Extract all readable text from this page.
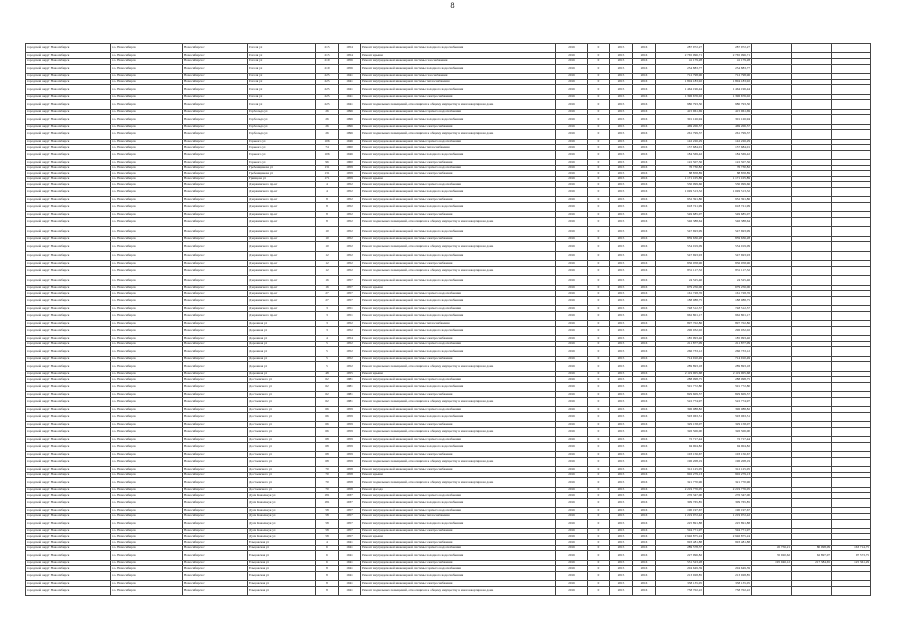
8
городской округ Новосибирск	г.о. Новосибирск	Новосибирск г	Гоголя ул	215	1954	Ремонт внутридомовой инженерной системы холодного водоснабжения	2016	0	2015	2016	287 972,27	287 972,27			
городской округ Новосибирск	г.о. Новосибирск	Новосибирск г	Гоголя ул	215	1954	Ремонт крыши	2016	0	2015	2016	2 765 096,71	2 765 096,71			
городской округ Новосибирск	г.о. Новосибирск	Новосибирск г	Гоголя ул	219	1956	Ремонт внутридомовой инженерной системы газоснабжения	2016	0	2015	2016	41 179,28	41 179,28			
городской округ Новосибирск	г.о. Новосибирск	Новосибирск г	Гоголя ул	219	1956	Ремонт внутридомовой инженерной системы холодного водоснабжения	2016	0	2015	2016	254 883,77	254 883,77			
городской округ Новосибирск	г.о. Новосибирск	Новосибирск г	Гоголя ул	225	1941	Ремонт внутридомовой инженерной системы газоснабжения	2016	0	2015	2016	712 798,96	712 798,96			
городской округ Новосибирск	г.о. Новосибирск	Новосибирск г	Гоголя ул	225	1941	Ремонт внутридомовой инженерной системы теплоснабжения	2016	0	2015	2016	1 804 183,92	1 804 183,92			
городской округ Новосибирск	г.о. Новосибирск	Новосибирск г	Гоголя ул	225	1941	Ремонт внутридомовой инженерной системы холодного водоснабжения	2016	0	2015	2016	1 464 196,44	1 464 196,44			
городской округ Новосибирск	г.о. Новосибирск	Новосибирск г	Гоголя ул	225	1941	Ремонт внутридомовой инженерной системы электроснабжения	2016	0	2015	2016	1 396 676,02	1 396 676,02			
городской округ Новосибирск	г.о. Новосибирск	Новосибирск г	Гоголя ул	225	1941	Ремонт подвальных помещений, относящихся к общему имуществу в многоквартирном доме	2016	0	2015	2016	980 793,50	980 793,50			
городской округ Новосибирск	г.о. Новосибирск	Новосибирск г	Горбольда ул	26	1996	Ремонт внутридомовой инженерной системы горячего водоснабжения	2016	0	2015	2016	415 961,69	415 961,69			
городской округ Новосибирск	г.о. Новосибирск	Новосибирск г	Горбольда ул	26	1996	Ремонт внутридомовой инженерной системы холодного водоснабжения	2016	0	2015	2016	301 126,94	301 126,94			
городской округ Новосибирск	г.о. Новосибирск	Новосибирск г	Горбольда ул	26	1996	Ремонт внутридомовой инженерной системы электроснабжения	2016	0	2015	2016	469 206,57	469 206,57			
городской округ Новосибирск	г.о. Новосибирск	Новосибирск г	Горбольда ул	26	1996	Ремонт подвальных помещений, относящихся к общему имуществу в многоквартирном доме	2016	0	2015	2016	261 799,37	261 799,37			
городской округ Новосибирск	г.о. Новосибирск	Новосибирск г	Горького ул	106	1946	Ремонт внутридомовой инженерной системы горячего водоснабжения	2016	0	2015	2016	142 226,29	142 226,29			
городской округ Новосибирск	г.о. Новосибирск	Новосибирск г	Горького ул	74	1960	Ремонт внутридомовой инженерной системы теплоснабжения	2016	0	2015	2016	157 684,01	157 684,01			
городской округ Новосибирск	г.о. Новосибирск	Новосибирск г	Горького ул	106	1946	Ремонт внутридомовой инженерной системы холодного водоснабжения	2016	0	2015	2016	184 569,42	184 569,42			
городской округ Новосибирск	г.о. Новосибирск	Новосибирск г	Горького ул	96	1960	Ремонт внутридомовой инженерной системы электроснабжения	2016	0	2015	2016	122 507,56	122 507,56			
городской округ Новосибирск	г.о. Новосибирск	Новосибирск г	Гребенщикова ул	131	1959	Ремонт внутридомовой инженерной системы горячего водоснабжения	2016	0	2015	2016	76 730,82	76 730,82			
городской округ Новосибирск	г.о. Новосибирск	Новосибирск г	Гребенщикова ул	131	1959	Ремонт внутридомовой инженерной системы электроснабжения	2016	0	2015	2016	88 858,89	88 858,89			
городской округ Новосибирск	г.о. Новосибирск	Новосибирск г	Гривцова ул	171	1959	Ремонт крыши	2016	0	2015	2016	1 171 105,89	1 171 105,89			
городской округ Новосибирск	г.о. Новосибирск	Новосибирск г	Дзержинского пр-кт	4	1952	Ремонт внутридомовой инженерной системы горячего водоснабжения	2016	0	2015	2016	530 099,66	530 099,66			
городской округ Новосибирск	г.о. Новосибирск	Новосибирск г	Дзержинского пр-кт	4	1952	Ремонт внутридомовой инженерной системы холодного водоснабжения	2016	0	2015	2016	1 049 513,32	1 049 513,32			
городской округ Новосибирск	г.о. Новосибирск	Новосибирск г	Дзержинского пр-кт	8	1952	Ремонт внутридомовой инженерной системы электроснабжения	2016	0	2015	2016	952 391,86	952 391,86			
городской округ Новосибирск	г.о. Новосибирск	Новосибирск г	Дзержинского пр-кт	8	1952	Ремонт внутридомовой инженерной системы холодного водоснабжения	2016	0	2015	2016	618 721,99	618 721,99			
городской округ Новосибирск	г.о. Новосибирск	Новосибирск г	Дзержинского пр-кт	8	1952	Ремонт внутридомовой инженерной системы электроснабжения	2016	0	2015	2016	549 685,07	549 685,07			
городской округ Новосибирск	г.о. Новосибирск	Новосибирск г	Дзержинского пр-кт	8	1952	Ремонт подвальных помещений, относящихся к общему имуществу в многоквартирном доме	2016	0	2015	2016	546 388,64	546 388,64			
городской округ Новосибирск	г.о. Новосибирск	Новосибирск г	Дзержинского пр-кт	10	1952	Ремонт внутридомовой инженерной системы холодного водоснабжения	2016	0	2015	2016	547 693,99	547 693,99			
городской округ Новосибирск	г.о. Новосибирск	Новосибирск г	Дзержинского пр-кт	10	1952	Ремонт внутридомовой инженерной системы электроснабжения	2016	0	2015	2016	859 636,28	859 636,28			
городской округ Новосибирск	г.о. Новосибирск	Новосибирск г	Дзержинского пр-кт	10	1952	Ремонт подвальных помещений, относящихся к общему имуществу в многоквартирном доме	2016	0	2015	2016	554 019,09	554 019,09			
городской округ Новосибирск	г.о. Новосибирск	Новосибирск г	Дзержинского пр-кт	12	1952	Ремонт внутридомовой инженерной системы холодного водоснабжения	2016	0	2015	2016	547 693,93	547 693,93			
городской округ Новосибирск	г.о. Новосибирск	Новосибирск г	Дзержинского пр-кт	12	1952	Ремонт внутридомовой инженерной системы электроснабжения	2016	0	2015	2016	836 058,96	836 058,96			
городской округ Новосибирск	г.о. Новосибирск	Новосибирск г	Дзержинского пр-кт	12	1952	Ремонт подвальных помещений, относящихся к общему имуществу в многоквартирном доме	2016	0	2015	2016	831 117,32	831 117,32			
городской округ Новосибирск	г.о. Новосибирск	Новосибирск г	Дзержинского пр-кт	16	1957	Ремонт внутридомовой инженерной системы холодного водоснабжения	2016	0	2015	2016	24 525,46	24 525,46			
городской округ Новосибирск	г.о. Новосибирск	Новосибирск г	Дзержинского пр-кт	16	1957	Ремонт крыши	2016	0	2015	2016	679 256,06	679 256,06			
городской округ Новосибирск	г.о. Новосибирск	Новосибирск г	Дзержинского пр-кт	27	1957	Ремонт внутридомовой инженерной системы горячего водоснабжения	2016	0	2015	2016	161 728,76	161 728,76			
городской округ Новосибирск	г.о. Новосибирск	Новосибирск г	Дзержинского пр-кт	27	1957	Ремонт внутридомовой инженерной системы холодного водоснабжения	2016	0	2015	2016	188 088,75	188 088,75			
городской округ Новосибирск	г.о. Новосибирск	Новосибирск г	Дзержинского пр-кт	3	1951	Ремонт внутридомовой инженерной системы горячего водоснабжения	2016	0	2015	2016	748 512,57	748 512,57			
городской округ Новосибирск	г.о. Новосибирск	Новосибирск г	Дзержинского пр-кт	3	1951	Ремонт внутридомовой инженерной системы холодного водоснабжения	2016	0	2015	2016	962 801,17	962 801,17			
городской округ Новосибирск	г.о. Новосибирск	Новосибирск г	Дорожная ул	3	1952	Ремонт внутридомовой инженерной системы теплоснабжения	2016	0	2015	2016	897 702,86	897 702,86			
городской округ Новосибирск	г.о. Новосибирск	Новосибирск г	Дорожная ул	3	1952	Ремонт внутридомовой инженерной системы холодного водоснабжения	2016	0	2015	2016	296 032,02	296 032,02			
городской округ Новосибирск	г.о. Новосибирск	Новосибирск г	Дорожная ул	4	1954	Ремонт внутридомовой инженерной системы электроснабжения	2016	0	2015	2016	185 993,46	185 993,46			
городской округ Новосибирск	г.о. Новосибирск	Новосибирск г	Дорожная ул	5	1952	Ремонт внутридомовой инженерной системы горячего водоснабжения	2016	0	2015	2016	211 877,09	211 877,09			
городской округ Новосибирск	г.о. Новосибирск	Новосибирск г	Дорожная ул	5	1952	Ремонт внутридомовой инженерной системы холодного водоснабжения	2016	0	2015	2016	266 733,12	266 733,12			
городской округ Новосибирск	г.о. Новосибирск	Новосибирск г	Дорожная ул	5	1952	Ремонт внутридомовой инженерной системы электроснабжения	2016	0	2015	2016	714 910,49	714 910,49			
городской округ Новосибирск	г.о. Новосибирск	Новосибирск г	Дорожная ул	5	1952	Ремонт подвальных помещений, относящихся к общему имуществу в многоквартирном доме	2016	0	2015	2016	289 893,18	289 893,18			
городской округ Новосибирск	г.о. Новосибирск	Новосибирск г	Дорожная ул	48	1955	Ремонт крыши	2016	0	2015	2016	2 119 905,68	2 119 905,68			
городской округ Новосибирск	г.о. Новосибирск	Новосибирск г	Достоевского ул	62	1981	Ремонт внутридомовой инженерной системы горячего водоснабжения	2016	0	2015	2016	288 098,75	288 098,75			
городской округ Новосибирск	г.о. Новосибирск	Новосибирск г	Достоевского ул	62	1981	Ремонт внутридомовой инженерной системы холодного водоснабжения	2016	0	2015	2016	591 772,80	591 772,80			
городской округ Новосибирск	г.о. Новосибирск	Новосибирск г	Достоевского ул	62	1981	Ремонт внутридомовой инженерной системы электроснабжения	2016	0	2015	2016	829 609,57	829 609,57			
городской округ Новосибирск	г.о. Новосибирск	Новосибирск г	Достоевского ул	62	1981	Ремонт подвальных помещений, относящихся к общему имуществу в многоквартирном доме	2016	0	2015	2016	522 774,97	522 774,97			
городской округ Новосибирск	г.о. Новосибирск	Новосибирск г	Достоевского ул	66	1959	Ремонт внутридомовой инженерной системы горячего водоснабжения	2016	0	2015	2016	396 088,82	396 088,82			
городской округ Новосибирск	г.о. Новосибирск	Новосибирск г	Достоевского ул	66	1959	Ремонт внутридомовой инженерной системы холодного водоснабжения	2016	0	2015	2016	593 063,51	593 063,51			
городской округ Новосибирск	г.о. Новосибирск	Новосибирск г	Достоевского ул	66	1959	Ремонт внутридомовой инженерной системы электроснабжения	2016	0	2015	2016	329 158,07	329 158,07			
городской округ Новосибирск	г.о. Новосибирск	Новосибирск г	Достоевского ул	66	1959	Ремонт подвальных помещений, относящихся к общему имуществу в многоквартирном доме	2016	0	2015	2016	326 506,00	326 506,00			
городской округ Новосибирск	г.о. Новосибирск	Новосибирск г	Достоевского ул	68	1959	Ремонт внутридомовой инженерной системы горячего водоснабжения	2016	0	2015	2016	72 717,44	72 717,44			
городской округ Новосибирск	г.о. Новосибирск	Новосибирск г	Достоевского ул	68	1959	Ремонт внутридомовой инженерной системы холодного водоснабжения	2016	0	2015	2016	94 904,82	94 904,82			
городской округ Новосибирск	г.о. Новосибирск	Новосибирск г	Достоевского ул	68	1959	Ремонт внутридомовой инженерной системы электроснабжения	2016	0	2015	2016	103 156,67	103 156,67			
городской округ Новосибирск	г.о. Новосибирск	Новосибирск г	Достоевского ул	68	1959	Ремонт подвальных помещений, относящихся к общему имуществу в многоквартирном доме	2016	0	2015	2016	196 208,19	196 208,19			
городской округ Новосибирск	г.о. Новосибирск	Новосибирск г	Достоевского ул	70	1958	Ремонт внутридомовой инженерной системы электроснабжения	2016	0	2015	2016	312 125,05	312 125,05			
городской округ Новосибирск	г.о. Новосибирск	Новосибирск г	Достоевского ул	70	1958	Ремонт крыши	2016	0	2015	2016	902 279,13	902 279,13			
городской округ Новосибирск	г.о. Новосибирск	Новосибирск г	Достоевского ул	70	1958	Ремонт подвальных помещений, относящихся к общему имуществу в многоквартирном доме	2016	0	2015	2016	321 770,96	321 770,96			
городской округ Новосибирск	г.о. Новосибирск	Новосибирск г	Достоевского ул	70	1958	Ремонт фасада	2016	0	2015	2016	2 219 776,05	2 219 776,05			
городской округ Новосибирск	г.о. Новосибирск	Новосибирск г	Дуси Ковальчук ул	181	1937	Ремонт внутридомовой инженерной системы горячего водоснабжения	2016	0	2015	2016	276 347,00	276 347,00			
городской округ Новосибирск	г.о. Новосибирск	Новосибирск г	Дуси Ковальчук ул	181	1937	Ремонт внутридомовой инженерной системы холодного водоснабжения	2016	0	2015	2016	309 765,85	309 765,85			
городской округ Новосибирск	г.о. Новосибирск	Новосибирск г	Дуси Ковальчук ул	58	1957	Ремонт внутридомовой инженерной системы горячего водоснабжения	2016	0	2015	2016	190 197,67	190 197,67			
городской округ Новосибирск	г.о. Новосибирск	Новосибирск г	Дуси Ковальчук ул	58	1957	Ремонт внутридомовой инженерной системы теплоснабжения	2016	0	2015	2016	1 219 972,42	1 219 972,42			
городской округ Новосибирск	г.о. Новосибирск	Новосибирск г	Дуси Ковальчук ул	58	1957	Ремонт внутридомовой инженерной системы холодного водоснабжения	2016	0	2015	2016	225 891,88	225 891,88			
городской округ Новосибирск	г.о. Новосибирск	Новосибирск г	Дуси Ковальчук ул	58	1957	Ремонт внутридомовой инженерной системы электроснабжения	2016	0	2015	2016	594 771,97	594 771,97			
городской округ Новосибирск	г.о. Новосибирск	Новосибирск г	Дуси Ковальчук ул	58	1957	Ремонт крыши	2016	0	2015	2016	2 946 875,24	2 946 875,24			
городской округ Новосибирск	г.о. Новосибирск	Новосибирск г	Ельцовская ул	4	1941	Ремонт внутридомовой инженерной системы электроснабжения	2016	0	2015	2016	993 481,88	993 481,88			
городской округ Новосибирск	г.о. Новосибирск	Новосибирск г	Ельцовская ул	6	1941	Ремонт внутридомовой инженерной системы горячего водоснабжения	2016	0	2015	2016	289 578,37		45 756,21	80 098,09	163 714,75
городской округ Новосибирск	г.о. Новосибирск	Новосибирск г	Ельцовская ул	6	1941	Ремонт внутридомовой инженерной системы холодного водоснабжения	2016	0	2015	2016	227 996,82		35 920,62	62 897,07	97 573,75
городской округ Новосибирск	г.о. Новосибирск	Новосибирск г	Ельцовская ул	6	1941	Ремонт внутридомовой инженерной системы электроснабжения	2016	0	2015	2016	531 523,28		195 946,12	217 384,65	125 361,29
городской округ Новосибирск	г.о. Новосибирск	Новосибирск г	Ельцовская ул	8	1941	Ремонт внутридомовой инженерной системы горячего водоснабжения	2016	0	2015	2016	204 649,39	204 649,39			
городской округ Новосибирск	г.о. Новосибирск	Новосибирск г	Ельцовская ул	8	1941	Ремонт внутридомовой инженерной системы холодного водоснабжения	2016	0	2015	2016	213 928,85	213 928,85			
городской округ Новосибирск	г.о. Новосибирск	Новосибирск г	Ельцовская ул	8	1941	Ремонт внутридомовой инженерной системы электроснабжения	2016	0	2015	2016	338 135,05	338 135,05			
городской округ Новосибирск	г.о. Новосибирск	Новосибирск г	Ельцовская ул	8	1941	Ремонт подвальных помещений, относящихся к общему имуществу в многоквартирном доме	2016	0	2015	2016	758 702,22	758 702,22			
